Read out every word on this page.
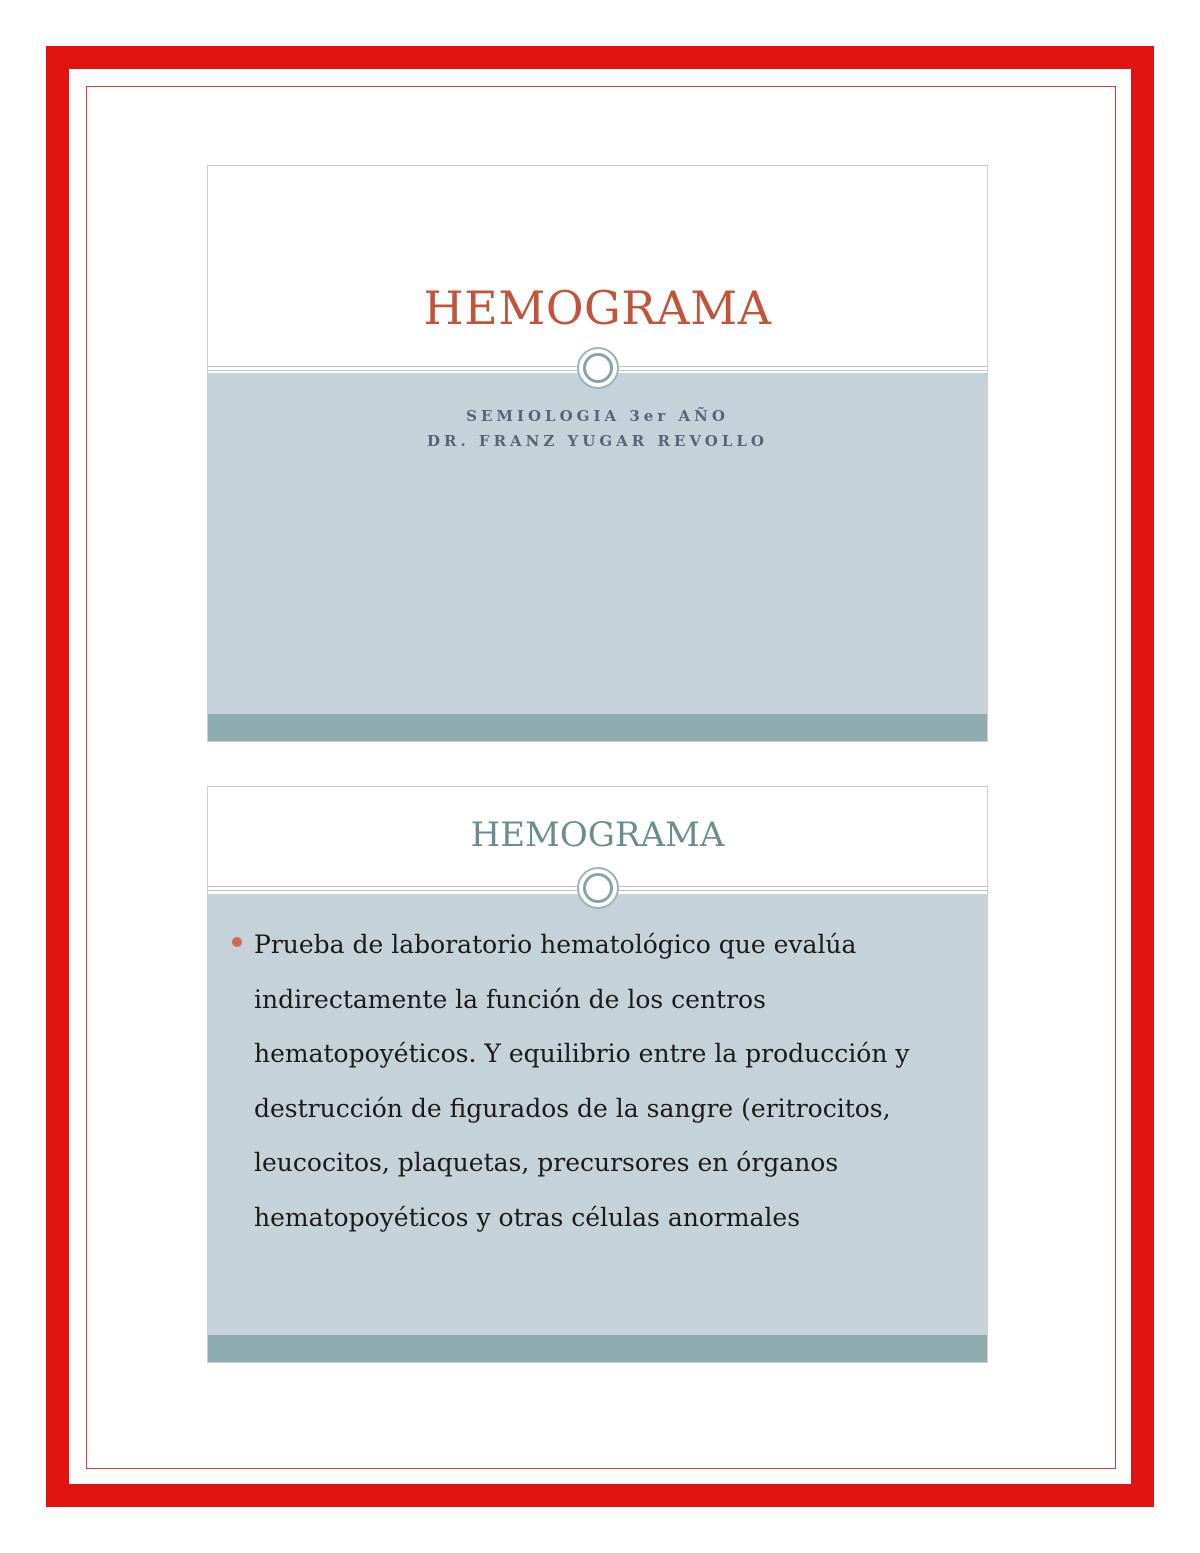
HEMOGRAMA
SEMIOLOGIA 3er AÑO
DR. FRANZ YUGAR REVOLLO
HEMOGRAMA

Prueba de laboratorio hematológico que evalúa
indirectamente la función de los centros
hematopoyéticos. Y equilibrio entre la producción y
destrucción de figurados de la sangre (eritrocitos,
leucocitos, plaquetas, precursores en órganos
hematopoyéticos y otras células anormales
